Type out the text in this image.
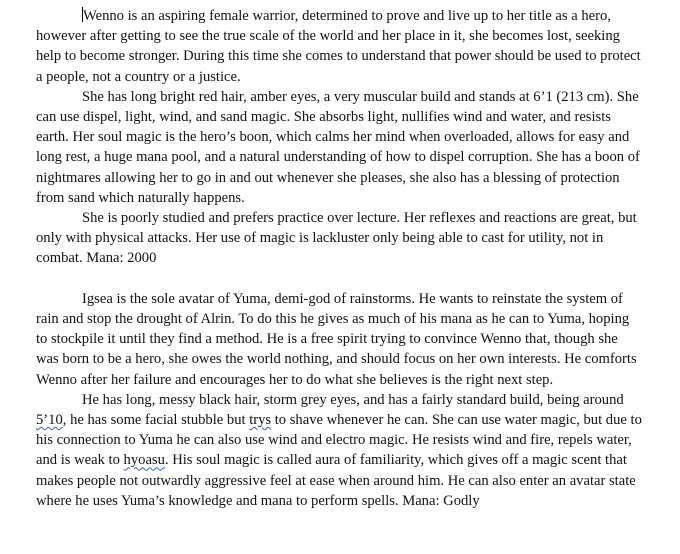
Wenno is an aspiring female warrior, determined to prove and live up to her title as a hero, however after getting to see the true scale of the world and her place in it, she becomes lost, seeking help to become stronger. During this time she comes to understand that power should be used to protect a people, not a country or a justice.

She has long bright red hair, amber eyes, a very muscular build and stands at 6’1 (213 cm). She can use dispel, light, wind, and sand magic. She absorbs light, nullifies wind and water, and resists earth. Her soul magic is the hero’s boon, which calms her mind when overloaded, allows for easy and long rest, a huge mana pool, and a natural understanding of how to dispel corruption. She has a boon of nightmares allowing her to go in and out whenever she pleases, she also has a blessing of protection from sand which naturally happens.

She is poorly studied and prefers practice over lecture. Her reflexes and reactions are great, but only with physical attacks. Her use of magic is lackluster only being able to cast for utility, not in combat. Mana: 2000

Igsea is the sole avatar of Yuma, demi-god of rainstorms. He wants to reinstate the system of rain and stop the drought of Alrin. To do this he gives as much of his mana as he can to Yuma, hoping to stockpile it until they find a method. He is a free spirit trying to convince Wenno that, though she was born to be a hero, she owes the world nothing, and should focus on her own interests. He comforts Wenno after her failure and encourages her to do what she believes is the right next step.

He has long, messy black hair, storm grey eyes, and has a fairly standard build, being around 5’10, he has some facial stubble but trys to shave whenever he can. She can use water magic, but due to his connection to Yuma he can also use wind and electro magic. He resists wind and fire, repels water, and is weak to hyoasu. His soul magic is called aura of familiarity, which gives off a magic scent that makes people not outwardly aggressive feel at ease when around him. He can also enter an avatar state where he uses Yuma’s knowledge and mana to perform spells. Mana: Godly
